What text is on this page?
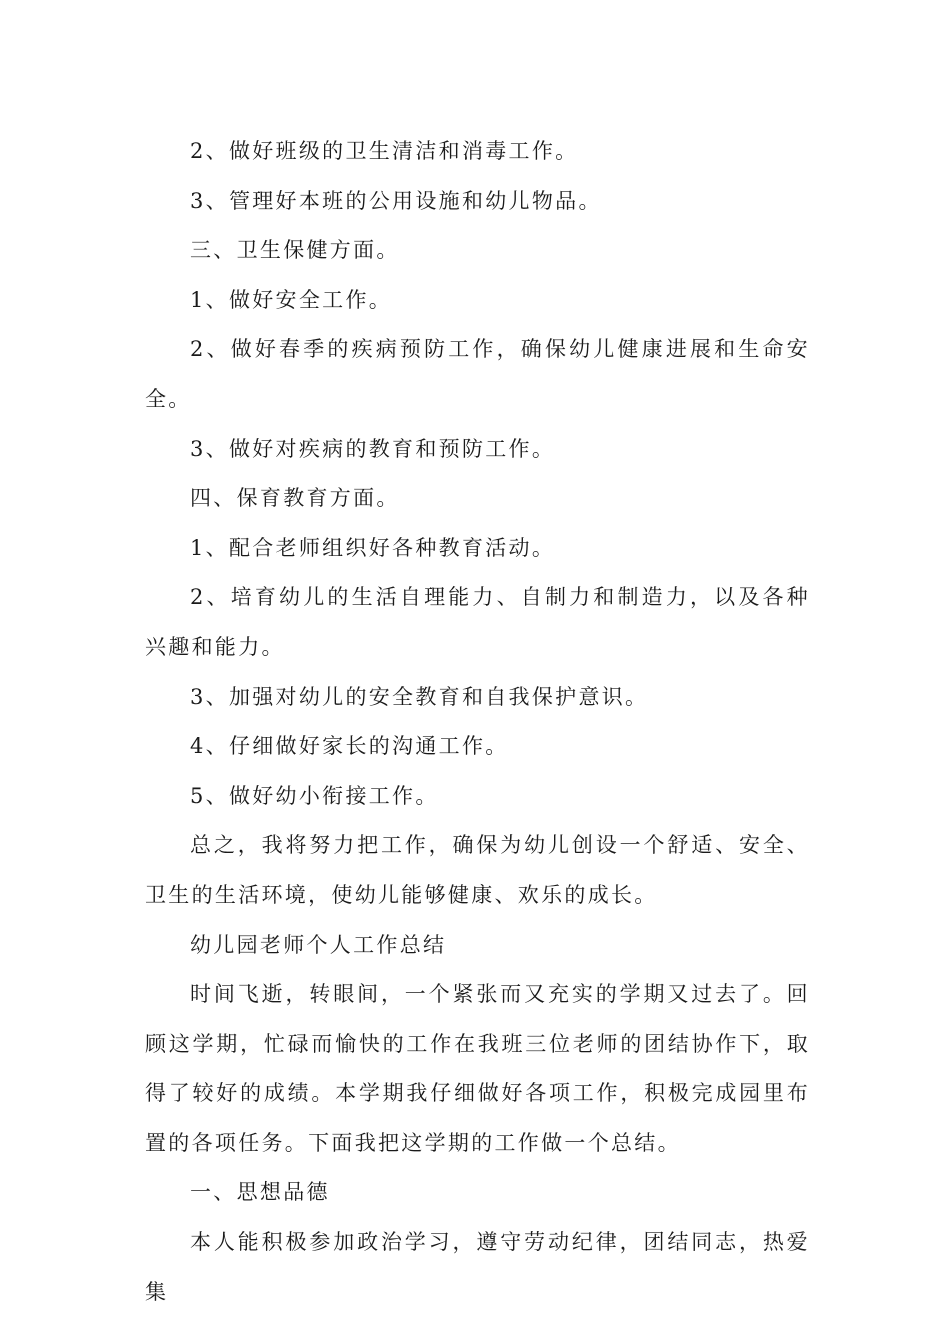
2、做好班级的卫生清洁和消毒工作。

3、管理好本班的公用设施和幼儿物品。

三、卫生保健方面。

1、做好安全工作。

2、做好春季的疾病预防工作，确保幼儿健康进展和生命安全。

3、做好对疾病的教育和预防工作。

四、保育教育方面。

1、配合老师组织好各种教育活动。

2、培育幼儿的生活自理能力、自制力和制造力，以及各种兴趣和能力。

3、加强对幼儿的安全教育和自我保护意识。

4、仔细做好家长的沟通工作。

5、做好幼小衔接工作。

总之，我将努力把工作，确保为幼儿创设一个舒适、安全、卫生的生活环境，使幼儿能够健康、欢乐的成长。

幼儿园老师个人工作总结

时间飞逝，转眼间，一个紧张而又充实的学期又过去了。回顾这学期，忙碌而愉快的工作在我班三位老师的团结协作下，取得了较好的成绩。本学期我仔细做好各项工作，积极完成园里布置的各项任务。下面我把这学期的工作做一个总结。

一、思想品德

本人能积极参加政治学习，遵守劳动纪律，团结同志，热爱集
